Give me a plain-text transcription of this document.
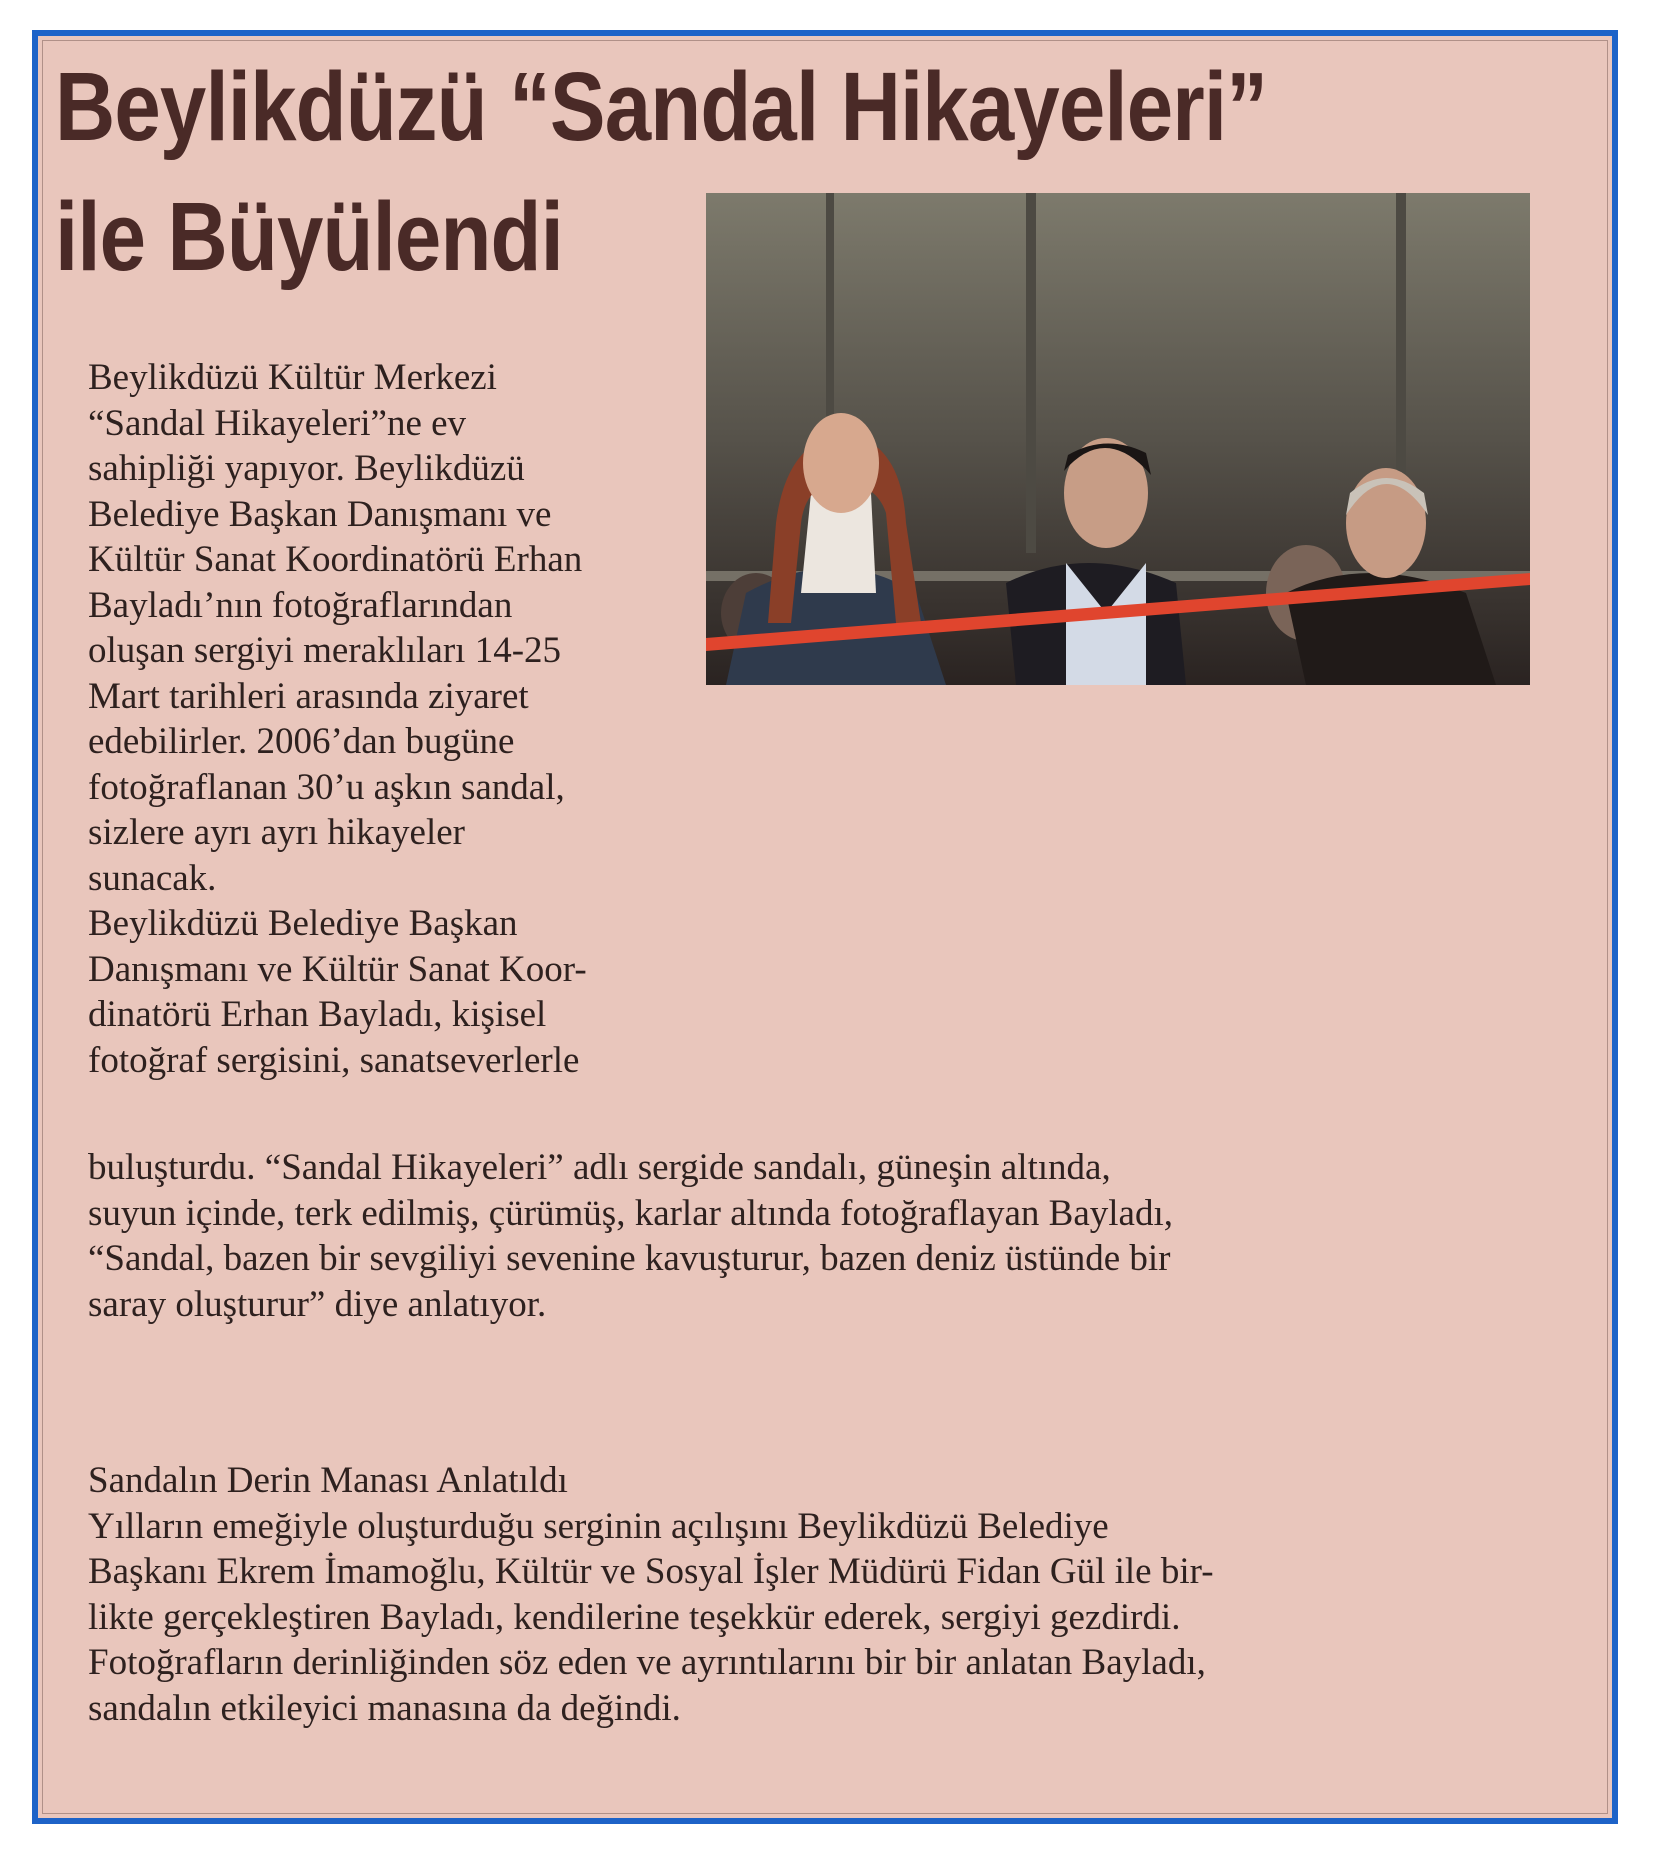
Beylikdüzü “Sandal Hikayeleri”
ile Büyülendi
Beylikdüzü Kültür Merkezi
“Sandal Hikayeleri”ne ev
sahipliği yapıyor. Beylikdüzü
Belediye Başkan Danışmanı ve
Kültür Sanat Koordinatörü Erhan
Bayladı’nın fotoğraflarından
oluşan sergiyi meraklıları 14-25
Mart tarihleri arasında ziyaret
edebilirler. 2006’dan bugüne
fotoğraflanan 30’u aşkın sandal,
sizlere ayrı ayrı hikayeler
sunacak.
Beylikdüzü Belediye Başkan
Danışmanı ve Kültür Sanat Koor-
dinatörü Erhan Bayladı, kişisel
fotoğraf sergisini, sanatseverlerle
buluşturdu. “Sandal Hikayeleri” adlı sergide sandalı, güneşin altında,
suyun içinde, terk edilmiş, çürümüş, karlar altında fotoğraflayan Bayladı,
“Sandal, bazen bir sevgiliyi sevenine kavuşturur, bazen deniz üstünde bir
saray oluşturur” diye anlatıyor.
Sandalın Derin Manası Anlatıldı
Yılların emeğiyle oluşturduğu serginin açılışını Beylikdüzü Belediye
Başkanı Ekrem İmamoğlu, Kültür ve Sosyal İşler Müdürü Fidan Gül ile bir-
likte gerçekleştiren Bayladı, kendilerine teşekkür ederek, sergiyi gezdirdi.
Fotoğrafların derinliğinden söz eden ve ayrıntılarını bir bir anlatan Bayladı,
sandalın etkileyici manasına da değindi.
